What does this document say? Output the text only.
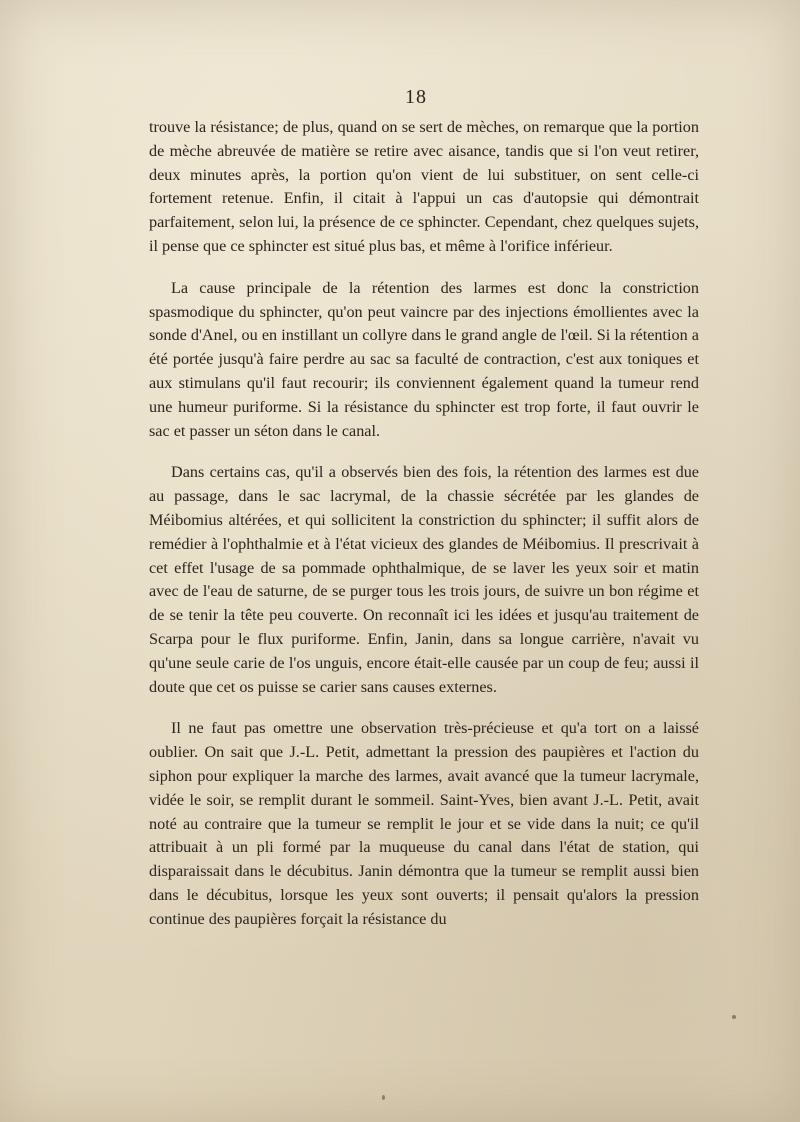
18

trouve la résistance; de plus, quand on se sert de mèches, on remarque que la portion de mèche abreuvée de matière se retire avec aisance, tandis que si l'on veut retirer, deux minutes après, la portion qu'on vient de lui substituer, on sent celle-ci fortement retenue. Enfin, il citait à l'appui un cas d'autopsie qui démontrait parfaitement, selon lui, la présence de ce sphincter. Cependant, chez quelques sujets, il pense que ce sphincter est situé plus bas, et même à l'orifice inférieur.

La cause principale de la rétention des larmes est donc la constriction spasmodique du sphincter, qu'on peut vaincre par des injections émollientes avec la sonde d'Anel, ou en instillant un collyre dans le grand angle de l'œil. Si la rétention a été portée jusqu'à faire perdre au sac sa faculté de contraction, c'est aux toniques et aux stimulans qu'il faut recourir; ils conviennent également quand la tumeur rend une humeur puriforme. Si la résistance du sphincter est trop forte, il faut ouvrir le sac et passer un séton dans le canal.

Dans certains cas, qu'il a observés bien des fois, la rétention des larmes est due au passage, dans le sac lacrymal, de la chassie sécrétée par les glandes de Méibomius altérées, et qui sollicitent la constriction du sphincter; il suffit alors de remédier à l'ophthalmie et à l'état vicieux des glandes de Méibomius. Il prescrivait à cet effet l'usage de sa pommade ophthalmique, de se laver les yeux soir et matin avec de l'eau de saturne, de se purger tous les trois jours, de suivre un bon régime et de se tenir la tête peu couverte. On reconnaît ici les idées et jusqu'au traitement de Scarpa pour le flux puriforme. Enfin, Janin, dans sa longue carrière, n'avait vu qu'une seule carie de l'os unguis, encore était-elle causée par un coup de feu; aussi il doute que cet os puisse se carier sans causes externes.

Il ne faut pas omettre une observation très-précieuse et qu'a tort on a laissé oublier. On sait que J.-L. Petit, admettant la pression des paupières et l'action du siphon pour expliquer la marche des larmes, avait avancé que la tumeur lacrymale, vidée le soir, se remplit durant le sommeil. Saint-Yves, bien avant J.-L. Petit, avait noté au contraire que la tumeur se remplit le jour et se vide dans la nuit; ce qu'il attribuait à un pli formé par la muqueuse du canal dans l'état de station, qui disparaissait dans le décubitus. Janin démontra que la tumeur se remplit aussi bien dans le décubitus, lorsque les yeux sont ouverts; il pensait qu'alors la pression continue des paupières forçait la résistance du
